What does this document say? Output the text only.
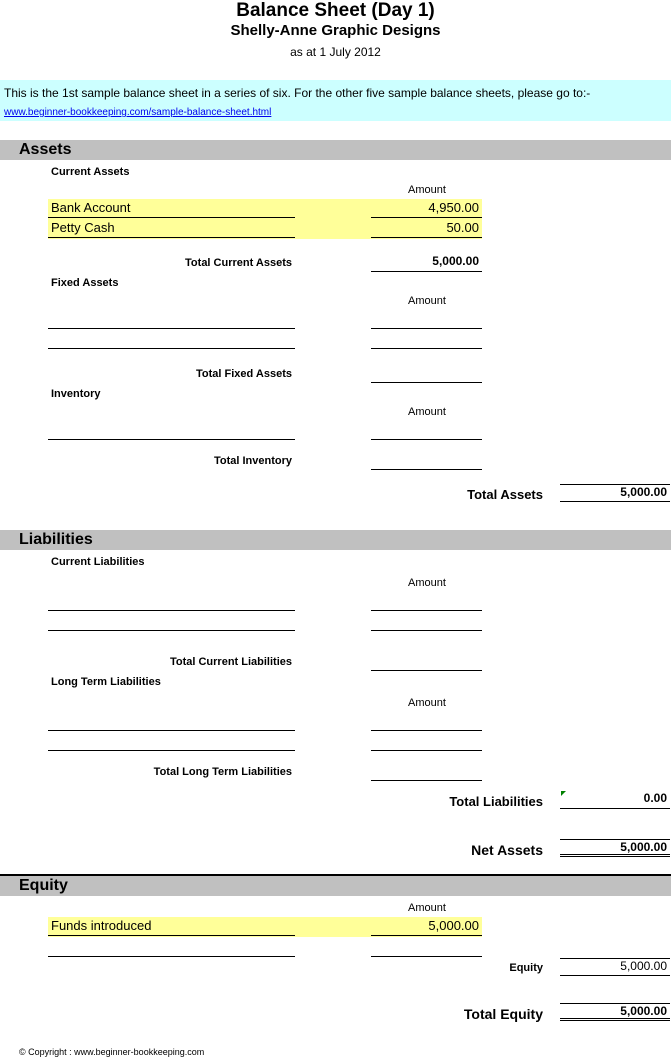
Balance Sheet (Day 1)
Shelly-Anne Graphic Designs
as at 1 July 2012
This is the 1st sample balance sheet in a series of six. For the other five sample balance sheets, please go to:-
www.beginner-bookkeeping.com/sample-balance-sheet.html
Assets
Current Assets
Amount
Bank Account	4,950.00
Petty Cash	50.00
Total Current Assets	5,000.00
Fixed Assets
Amount
Total Fixed Assets
Inventory
Amount
Total Inventory
Total Assets	5,000.00
Liabilities
Current Liabilities
Amount
Total Current Liabilities
Long Term Liabilities
Amount
Total Long Term Liabilities
Total Liabilities	0.00
Net Assets	5,000.00
Equity
Amount
Funds introduced	5,000.00
Equity	5,000.00
Total Equity	5,000.00
© Copyright : www.beginner-bookkeeping.com
